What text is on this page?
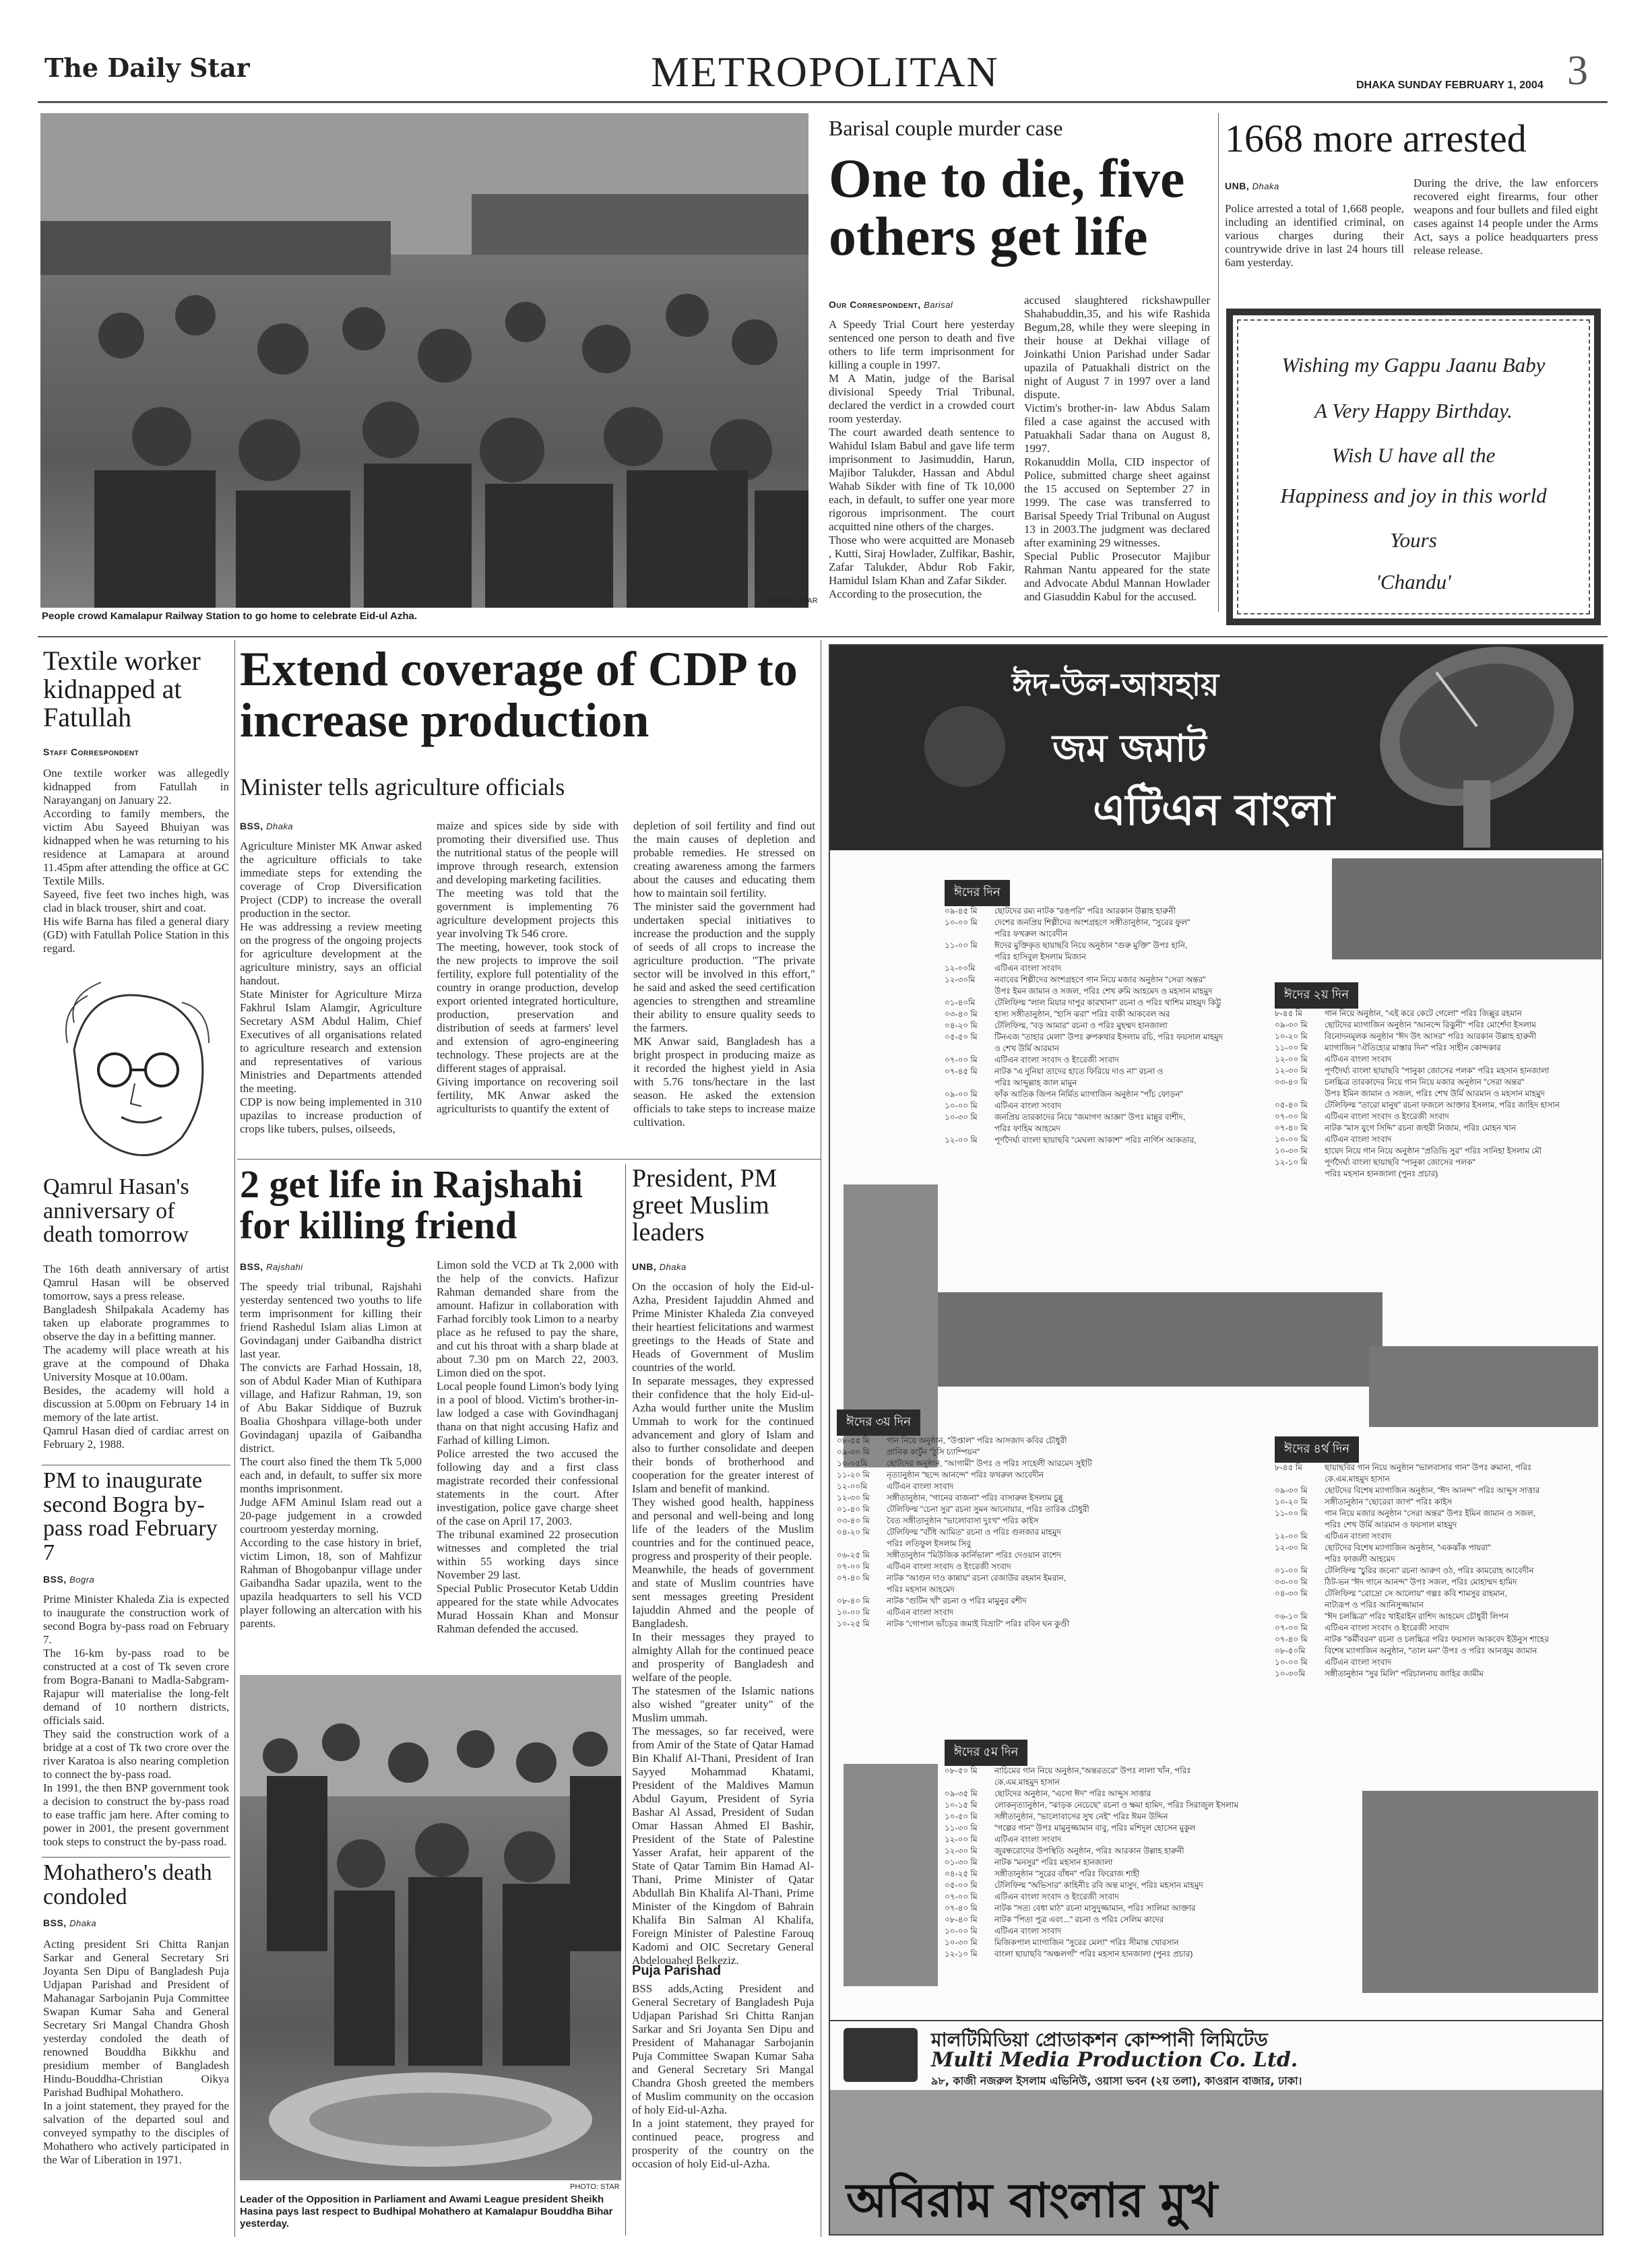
The Daily Star	METROPOLITAN	DHAKA SUNDAY FEBRUARY 1, 2004 3
PHOTO: STAR
People crowd Kamalapur Railway Station to go home to celebrate Eid-ul Azha.
Barisal couple murder case
One to die, five others get life
Our Correspondent, Barisal
A Speedy Trial Court here yesterday sentenced one person to death and five others to life term imprisonment for killing a couple in 1997.
M A Matin, judge of the Barisal divisional Speedy Trial Tribunal, declared the verdict in a crowded court room yesterday.
The court awarded death sentence to Wahidul Islam Babul and gave life term imprisonment to Jasimuddin, Harun, Majibor Talukder, Hassan and Abdul Wahab Sikder with fine of Tk 10,000 each, in default, to suffer one year more rigorous imprisonment. The court acquitted nine others of the charges.
Those who were acquitted are Monaseb , Kutti, Siraj Howlader, Zulfikar, Bashir, Zafar Talukder, Abdur Rob Fakir, Hamidul Islam Khan and Zafar Sikder.
According to the prosecution, the
accused slaughtered rickshawpuller Shahabuddin,35, and his wife Rashida Begum,28, while they were sleeping in their house at Dekhai village of Joinkathi Union Parishad under Sadar upazila of Patuakhali district on the night of August 7 in 1997 over a land dispute.
Victim's brother-in- law Abdus Salam filed a case against the accused with Patuakhali Sadar thana on August 8, 1997.
Rokanuddin Molla, CID inspector of Police, submitted charge sheet against the 15 accused on September 27 in 1999. The case was transferred to Barisal Speedy Trial Tribunal on August 13 in 2003.The judgment was declared after examining 29 witnesses.
Special Public Prosecutor Majibur Rahman Nantu appeared for the state and Advocate Abdul Mannan Howlader and Giasuddin Kabul for the accused.
1668 more arrested
UNB, Dhaka
Police arrested a total of 1,668 people, including an identified criminal, on various charges during their countrywide drive in last 24 hours till 6am yesterday.
During the drive, the law enforcers recovered eight firearms, four other weapons and four bullets and filed eight cases against 14 people under the Arms Act, says a police headquarters press release release.
Wishing my Gappu Jaanu Baby
A Very Happy Birthday.
Wish U have all the
Happiness and joy in this world
Yours
'Chandu'
Textile worker kidnapped at Fatullah
Staff Correspondent
One textile worker was allegedly kidnapped from Fatullah in Narayanganj on January 22.
According to family members, the victim Abu Sayeed Bhuiyan was kidnapped when he was returning to his residence at Lamapara at around 11.45pm after attending the office at GC Textile Mills.
Sayeed, five feet two inches high, was clad in black trouser, shirt and coat.
His wife Barna has filed a general diary (GD) with Fatullah Police Station in this regard.
Qamrul Hasan's anniversary of death tomorrow
The 16th death anniversary of artist Qamrul Hasan will be observed tomorrow, says a press release.
Bangladesh Shilpakala Academy has taken up elaborate programmes to observe the day in a befitting manner.
The academy will place wreath at his grave at the compound of Dhaka University Mosque at 10.00am.
Besides, the academy will hold a discussion at 5.00pm on February 14 in memory of the late artist.
Qamrul Hasan died of cardiac arrest on February 2, 1988.
PM to inaugurate second Bogra by-pass road February 7
BSS, Bogra
Prime Minister Khaleda Zia is expected to inaugurate the construction work of second Bogra by-pass road on February 7.
The 16-km by-pass road to be constructed at a cost of Tk seven crore from Bogra-Banani to Madla-Sabgram-Rajapur will materialise the long-felt demand of 10 northern districts, officials said.
They said the construction work of a bridge at a cost of Tk two crore over the river Karatoa is also nearing completion to connect the by-pass road.
In 1991, the then BNP government took a decision to construct the by-pass road to ease traffic jam here. After coming to power in 2001, the present government took steps to construct the by-pass road.
Mohathero's death condoled
BSS, Dhaka
Acting president Sri Chitta Ranjan Sarkar and General Secretary Sri Joyanta Sen Dipu of Bangladesh Puja Udjapan Parishad and President of Mahanagar Sarbojanin Puja Committee Swapan Kumar Saha and General Secretary Sri Mangal Chandra Ghosh yesterday condoled the death of renowned Bouddha Bikkhu and presidium member of Bangladesh Hindu-Bouddha-Christian Oikya Parishad Budhipal Mohathero.
In a joint statement, they prayed for the salvation of the departed soul and conveyed sympathy to the disciples of Mohathero who actively participated in the War of Liberation in 1971.
Extend coverage of CDP to increase production
Minister tells agriculture officials
BSS, Dhaka
Agriculture Minister MK Anwar asked the agriculture officials to take immediate steps for extending the coverage of Crop Diversification Project (CDP) to increase the overall production in the sector.
He was addressing a review meeting on the progress of the ongoing projects for agriculture development at the agriculture ministry, says an official handout.
State Minister for Agriculture Mirza Fakhrul Islam Alamgir, Agriculture Secretary ASM Abdul Halim, Chief Executives of all organisations related to agriculture research and extension and representatives of various Ministries and Departments attended the meeting.
CDP is now being implemented in 310 upazilas to increase production of crops like tubers, pulses, oilseeds,
maize and spices side by side with promoting their diversified use. Thus the nutritional status of the people will improve through research, extension and developing marketing facilities.
The meeting was told that the government is implementing 76 agriculture development projects this year involving Tk 546 crore.
The meeting, however, took stock of the new projects to improve the soil fertility, explore full potentiality of the country in orange production, develop export oriented integrated horticulture, production, preservation and distribution of seeds at farmers' level and extension of agro-engineering technology. These projects are at the different stages of appraisal.
Giving importance on recovering soil fertility, MK Anwar asked the agriculturists to quantify the extent of
depletion of soil fertility and find out the main causes of depletion and probable remedies. He stressed on creating awareness among the farmers about the causes and educating them how to maintain soil fertility.
The minister said the government had undertaken special initiatives to increase the production and the supply of seeds of all crops to increase the agriculture production. "The private sector will be involved in this effort," he said and asked the seed certification agencies to strengthen and streamline their ability to ensure quality seeds to the farmers.
MK Anwar said, Bangladesh has a bright prospect in producing maize as it recorded the highest yield in Asia with 5.76 tons/hectare in the last season. He asked the extension officials to take steps to increase maize cultivation.
2 get life in Rajshahi for killing friend
BSS, Rajshahi
The speedy trial tribunal, Rajshahi yesterday sentenced two youths to life term imprisonment for killing their friend Rashedul Islam alias Limon at Govindaganj under Gaibandha district last year.
The convicts are Farhad Hossain, 18, son of Abdul Kader Mian of Kuthipara village, and Hafizur Rahman, 19, son of Abu Bakar Siddique of Buzruk Boalia Ghoshpara village-both under Govindaganj upazila of Gaibandha district.
The court also fined the them Tk 5,000 each and, in default, to suffer six more months imprisonment.
Judge AFM Aminul Islam read out a 20-page judgement in a crowded courtroom yesterday morning.
According to the case history in brief, victim Limon, 18, son of Mahfizur Rahman of Bhogobanpur village under Gaibandha Sadar upazila, went to the upazila headquarters to sell his VCD player following an altercation with his parents.
Limon sold the VCD at Tk 2,000 with the help of the convicts. Hafizur Rahman demanded share from the amount. Hafizur in collaboration with Farhad forcibly took Limon to a nearby place as he refused to pay the share, and cut his throat with a sharp blade at about 7.30 pm on March 22, 2003. Limon died on the spot.
Local people found Limon's body lying in a pool of blood. Victim's brother-in-law lodged a case with Govindhaganj thana on that night accusing Hafiz and Farhad of killing Limon.
Police arrested the two accused the following day and a first class magistrate recorded their confessional statements in the court. After investigation, police gave charge sheet of the case on April 17, 2003.
The tribunal examined 22 prosecution witnesses and completed the trial within 55 working days since November 29 last.
Special Public Prosecutor Ketab Uddin appeared for the state while Advocates Murad Hossain Khan and Monsur Rahman defended the accused.
PHOTO: STAR
Leader of the Opposition in Parliament and Awami League president Sheikh Hasina pays last respect to Budhipal Mohathero at Kamalapur Bouddha Bihar yesterday.
President, PM greet Muslim leaders
UNB, Dhaka
On the occasion of holy the Eid-ul-Azha, President Iajuddin Ahmed and Prime Minister Khaleda Zia conveyed their heartiest felicitations and warmest greetings to the Heads of State and Heads of Government of Muslim countries of the world.
In separate messages, they expressed their confidence that the holy Eid-ul-Azha would further unite the Muslim Ummah to work for the continued advancement and glory of Islam and also to further consolidate and deepen their bonds of brotherhood and cooperation for the greater interest of Islam and benefit of mankind.
They wished good health, happiness and personal and well-being and long life of the leaders of the Muslim countries and for the continued peace, progress and prosperity of their people.
Meanwhile, the heads of government and state of Muslim countries have sent messages greeting President Iajuddin Ahmed and the people of Bangladesh.
In their messages they prayed to almighty Allah for the continued peace and prosperity of Bangladesh and welfare of the people.
The statesmen of the Islamic nations also wished "greater unity" of the Muslim ummah.
The messages, so far received, were from Amir of the State of Qatar Hamad Bin Khalif Al-Thani, President of Iran Sayyed Mohammad Khatami, President of the Maldives Mamun Abdul Gayum, President of Syria Bashar Al Assad, President of Sudan Omar Hassan Ahmed El Bashir, President of the State of Palestine Yasser Arafat, heir apparent of the State of Qatar Tamim Bin Hamad Al-Thani, Prime Minister of Qatar Abdullah Bin Khalifa Al-Thani, Prime Minister of the Kingdom of Bahrain Khalifa Bin Salman Al Khalifa, Foreign Minister of Palestine Farouq Kadomi and OIC Secretary General Abdelouahed Belkeziz.
Puja Parishad
BSS adds,Acting President and General Secretary of Bangladesh Puja Udjapan Parishad Sri Chitta Ranjan Sarkar and Sri Joyanta Sen Dipu and President of Mahanagar Sarbojanin Puja Committee Swapan Kumar Saha and General Secretary Sri Mangal Chandra Ghosh greeted the members of Muslim community on the occasion of holy Eid-ul-Azha.
In a joint statement, they prayed for continued peace, progress and prosperity of the country on the occasion of holy Eid-ul-Azha.
ঈদ-উল-আযহায়
জম জমাট
এটিএন বাংলা
ঈদের দিন
০৯-৪৫ মি ছোটদের রম্য নাটক "রঙপরি" পরিঃ আরকান উল্লাহ হারুনী
১০-০০ মি দেশের জনপ্রিয় শিল্পীদের অংশগ্রহণে সঙ্গীতানুষ্ঠান, "সুরের ফুল"
পরিঃ ফখরুল আবেদীন
১১-০০ মি ঈদের মুক্তিকৃত ছায়াছবি নিয়ে অনুষ্ঠান "গুরু মুক্তি" উপঃ হানি,
পরিঃ হাসিবুল ইসলাম মিজান
১২-০০মি এটিএন বাংলা সংবাদ
১২-৩০মি নবাবের শিল্পীদের অংশগ্রহণে গান নিয়ে মজার অনুষ্ঠান "সেরা অন্তর"
উপঃ ইমন জামান ও সজল, পরিঃ শেখ রুমি আহমেদ ও মহসান মাহমুদ
০১-৪০মি টেলিফিল্ম "লাল মিয়ার দাপুর কারখানা" রচনা ও পরিঃ থাশিম মাহমুদ কিট্টু
০৩-৪০ মি হাস্য সঙ্গীতানুষ্ঠান, "হাসি ঝরা" পরিঃ বাকী আকবেল অর
০৪-২০ মি টেলিফিল্ম, "বড় আমার" রচনা ও পরিঃ মুহম্মদ হানজালা
০৫-৫০ মি টিনএজ "তাহার মেলা" উপঃ রুপকথার ইসলাম রচি, পরিঃ ফয়সাল মাহমুদ
ও শেখ উর্মি আরমান
০৭-০০ মি এটিএন বাংলা সংবাদ ও ইংরেজী সংবাদ
০৭-৪৫ মি নাটক "এ দুনিয়া তাদের হাতে ফিরিয়ে দাও না" রচনা ও
পরিঃ আব্দুল্লাহ জাল মামুন
০৯-০০ মি ফাঁক আতিক জিপন নির্মিত ম্যাগাজিন অনুষ্ঠান "পাঁচ ফোড়ন"
১০-০০ মি এটিএন বাংলা সংবাদ
১০-৩০ মি জনপ্রিয় তারকাদের নিয়ে "জমাগণ আজ্ঞা" উপঃ মান্নুর বাশীদ,
পরিঃ ফাহিম আহমেদ
১২-০০ মি পূর্ণদৈর্ঘ্য বাংলা ছায়াছবি "মেঘলা আকাশ" পরিঃ নার্গিস আকতার,
ঈদের ২য় দিন
৮-৪৫ মি	গান নিয়ে অনুষ্ঠান, "এই করে কেটে গেলো" পরিঃ জিল্লুর রহমান
০৯-৩০ মি ছোটদের ম্যাগাজিন অনুষ্ঠান "আনন্দে রিঝুনী" পরিঃ মোর্শেদা ইসলাম
১০-২০ মি বিনোদনমূলক অনুষ্ঠান "ঈদ উৎ আসর" পরিঃ আরকান উল্লাহ হারুনী
১১-০০ মি ম্যাগাজিন "ঐতিহ্যের মাস্তার দিন" পরিঃ সাহীন কোন্দকার
১২-০০ মি এটিএন বাংলা সংবাদ
১২-৩০ মি পূর্ণদৈর্ঘ্য বাংলা ছায়াছবি "পানুকা জোসের পলক" পরিঃ মহসান হানজালা
০৩-৪০ মি চলচ্চিত্র তারকাদের নিয়ে গান নিয়ে মজার অনুষ্ঠান "সেরা অন্তর"
উপঃ ইমিন জামান ও সজল, পরিঃ শেখ উর্মি আরমান ও মহসান মাহমুদ
০৫-৪০ মি টেলিফিল্ম "তারো মানুষ" রচনা ফজলে আক্তার ইসলাম, পরিঃ জাহিদ হাসান
০৭-০০ মি এটিএন বাংলা সংবাদ ও ইংরেজী সংবাদ
০৭-৪০ মি নাটক "মাস যুগে সিদ্দি" রচনা জহুরী নিজাম, পরিঃ মোহন খান
১০-০০ মি এটিএন বাংলা সংবাদ
১০-৩০ মি হায়েদ নিয়ে গান নিয়ে অনুষ্ঠান "প্রতিভি সুর" পরিঃ সানিহা ইসলাম মৌ
১২-১০ মি পূর্ণদৈর্ঘ্য বাংলা ছায়াছবি "পানুকা জোসের পলক"
পরিঃ মহসান হানজালা (পুনঃ প্রচার)
ঈদের ৩য় দিন
০৮-৫৫ মি গান নিয়ে অনুষ্ঠান, "উপ্তাল" পরিঃ আসজাদ কবির চৌধুরী
০৯-৩০ মি প্রানিক কার্টুন "ঠুসি চ্যাম্পিয়ন"
১০-০৫মি ছোটদের অনুষ্ঠান, "আগামী" উপঃ ও পরিঃ সাহেলী আরমেদ সুইটি
১১-২০ মি নৃত্যানুষ্ঠান "ছন্দে আনন্দে" পরিঃ ফখরুল আবেদীন
১২-০০মি এটিএন বাংলা সংবাদ
১২-৩০ মি সঙ্গীতানুষ্ঠান, "গানের বাজনা" পরিঃ বাসারুল ইসলাম চুন্নু
০১-৪০ মি টেলিফিল্ম "চেনা সুর" রচনা সুমন আনোয়ার, পরিঃ তারিক চৌধুরী
০৩-৪০ মি বৈত সঙ্গীতানুষ্ঠান "ভালোবাসা দুঃখ" পরিঃ কাইস
০৪-২০ মি টেলিফিল্ম "বাঁধি আমিত" রচনা ও পরিঃ গুলজার মাহমুদ
পরিঃ লতিফুল ইসলাম সিবু
০৬-২৫ মি সঙ্গীতানুষ্ঠান "মিউজিক কার্নিভাল" পরিঃ দেওয়ান রাশেদ
০৭-০০ মি এটিএন বাংলা সংবাদ ও ইংরেজী সংবাদ
০৭-৪০ মি নাটক "আগুন দাও কান্নায়" রচনা রেজাউর রহমান ইমরান,
পরিঃ মহসান আহমেদ
০৮-৪০ মি নাটক "গুটিন খাঁ" রচনা ও পরিঃ মামুনুর রশীদ
১০-০০ মি এটিএন বাংলা সংবাদ
১০-২৫ মি নাটক "গোপাল ভাঁড়ের জমাই বিভ্রাট" পরিঃ রবিন ঘন কুণ্ডী
ঈদের ৪র্থ দিন
৮-৪৫ মি	ছায়াছবির গান নিয়ে অনুষ্ঠান "ভালবাসার গান" উপঃ রুমানা, পরিঃ
কে.এম.মাহমুদ হাসান
০৯-৩০ মি ছোটদের বিশেষ ম্যাগাজিন অনুষ্ঠান, "ঈদ আনন্দ" পরিঃ আব্দুস সাত্তার
১০-২০ মি সঙ্গীতানুষ্ঠান "ছোরেরা জাগ" পরিঃ কাইস
১১-০০ মি গান নিয়ে মজার অনুষ্ঠান "সেরা অন্তর" উপঃ ইমিন জামান ও সজল,
পরিঃ শেখ উর্মি আরমান ও ফয়সাল মাহমুদ
১২-০০ মি এটিএন বাংলা সংবাদ
১২-৩০ মি ছোটদের বিশেষ ম্যাগাজিন অনুষ্ঠান, "একঝাঁক পায়রা"
পরিঃ ফাজলী আহমেদ
০১-০০ মি টেলিফিল্ম "চুরির জন্যে" রচনা আরুণ ওঠ, পরিঃ কামরোহ আবেদীন
০৩-০০ মি ঠিট-ভন "ঈদ গানে আনন্দ" উপঃ সজল, পরিঃ মোহাম্মদ হামিদ
০৪-৩০ মি টেলিফিল্ম "রোদ্রো সে আলোয়" গল্পঃ কবি শামসুর রাহমান,
নাট্যরূপ ও পরিঃ আনিসুজ্জামান
০৬-১০ মি "ঈদ চলচ্চিত্র" পরিঃ খাইরাইন রাশিদ আহমেদ চৌধুরী লিপন
০৭-০০ মি এটিএন বাংলা সংবাদ ও ইংরেজী সংবাদ
০৭-৪০ মি নাটক "কর্মীবরন" রচনা ও চলচ্চিত্র পরিঃ ফয়সাল আকবেদ ইউনুস শাহের
০৮-৫০মি বিশেষ ম্যাগাজিন অনুষ্ঠান, "তাল মন" উপঃ ও পরিঃ আনজুম জামান
১০-০০ মি এটিএন বাংলা সংবাদ
১০-৩০মি সঙ্গীতানুষ্ঠান "সুর মিলি" পরিচালনায় জাহির জামীম
ঈদের ৫ম দিন
০৮-৫০ মি নাচিমের গান নিয়ে অনুষ্ঠান,"অন্তরতরে" উপঃ লালা খাঁন, পরিঃ
কে.এম.মাহমুদ হাসান
০৯-৩৫ মি ছোটদের অনুষ্ঠান, "এসো ঈদ" পরিঃ আব্দুস সাত্তার
১০-১৫ মি লোকনৃত্যানুষ্ঠান, "ঝাড়ক নেচেছে" রচনা ও ক্ষমা হামিদ, পরিঃ সিরাজুল ইসলাম
১০-৫০ মি সঙ্গীতানুষ্ঠান, "ভালোবাসের সুখ নেই" পরিঃ ঈমন উদ্দিন
১১-৩০ মি "গল্পের গান" উপঃ মামুনুজ্জামান বাবু, পরিঃ মশিদুল হোসেন মুকুল
১২-০০ মি এটিএন বাংলা সংবাদ
১২-৩০ মি জুরন্ধরোদের উপস্থিতি অনুষ্ঠান, পরিঃ আরকান উল্লাহ হারুনী
০১-৩০ মি নাটক "মনসুর" পরিঃ মহসান হানজালা
০৪-২৫ মি সঙ্গীতানুষ্ঠান "সুরের বাঁধন" পরিঃ ফিরোজ শাহী
০৫-০০ মি টেলিফিল্ম "অভিসার" কাহিনীঃ রবি অন্ত মাসুদ, পরিঃ মহসান মাহমুদ
০৭-০০ মি এটিএন বাংলা সংবাদ ও ইংরেজী সংবাদ
০৭-৪০ মি নাটক "সত্য বেধা মাঠ" রচনা মাসুদুজ্জামান, পরিঃ সালিমা আক্তার
০৮-৪০ মি নাটক "পিতা পুত্র এবং..." রচনা ও পরিঃ সেলিম কাদের
১০-০০ মি এটিএন বাংলা সংবাদ
১০-৩০ মি মিজিকপাল ম্যাগাজিন "সুরের মেলা" পরিঃ সীমান্ত খোরসান
১২-১০ মি বাংলা ছায়াছবি "অঞ্চলগাঁ" পরিঃ মহসান হানজালা (পুনঃ প্রচার)
মালটিমিডিয়া প্রোডাকশন কোম্পানী লিমিটেড
Multi Media Production Co. Ltd.
৯৮, কাজী নজরুল ইসলাম এভিনিউ, ওয়াসা ভবন (২য় তলা), কাওরান বাজার, ঢাকা।
অবিরাম বাংলার মুখ
